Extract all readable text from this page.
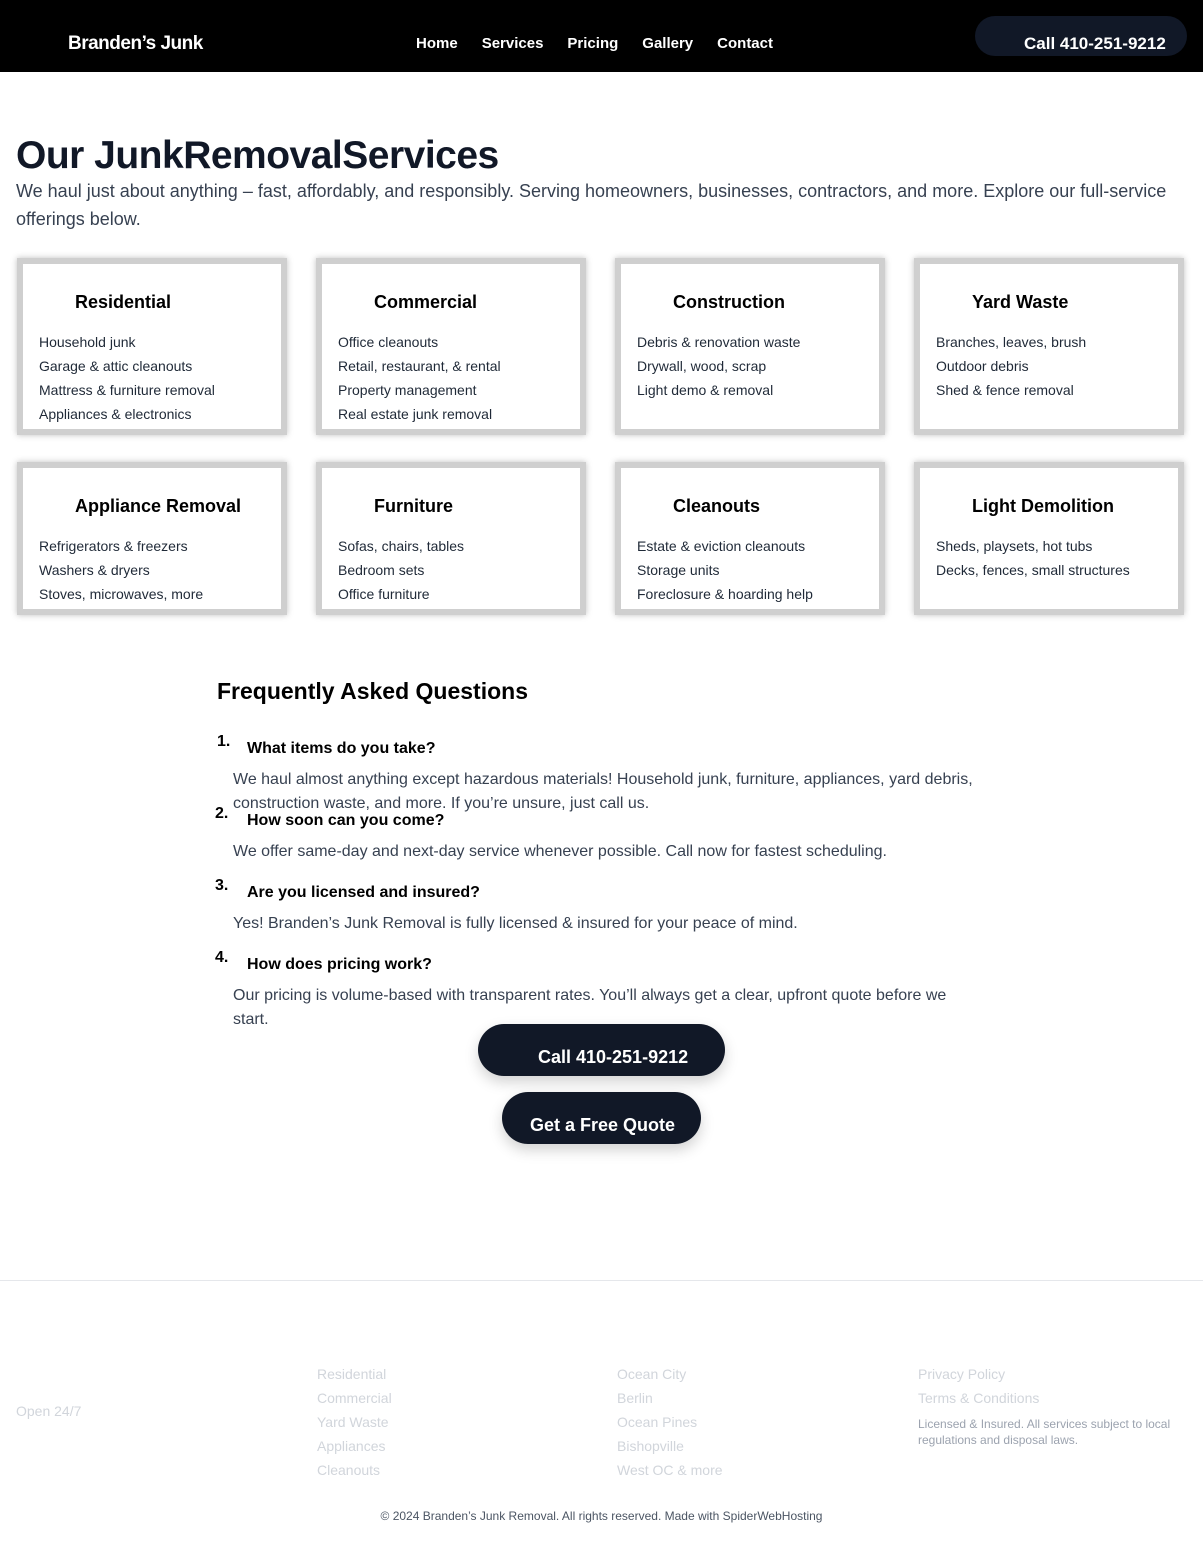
Branden’s Junk	Home Services Pricing Gallery Contact	Call 410-251-9212
Our JunkRemovalServices

We haul just about anything – fast, affordably, and responsibly. Serving homeowners, businesses, contractors, and more. Explore our full-service offerings below.

Residential
Household junk
Garage & attic cleanouts
Mattress & furniture removal
Appliances & electronics
Commercial
Office cleanouts
Retail, restaurant, & rental
Property management
Real estate junk removal
Construction
Debris & renovation waste
Drywall, wood, scrap
Light demo & removal
Yard Waste
Branches, leaves, brush
Outdoor debris
Shed & fence removal
Appliance Removal
Refrigerators & freezers
Washers & dryers
Stoves, microwaves, more
Furniture
Sofas, chairs, tables
Bedroom sets
Office furniture
Cleanouts
Estate & eviction cleanouts
Storage units
Foreclosure & hoarding help
Light Demolition
Sheds, playsets, hot tubs
Decks, fences, small structures
Frequently Asked Questions
1. What items do you take?

We haul almost anything except hazardous materials! Household junk, furniture, appliances, yard debris, construction waste, and more. If you’re unsure, just call us.

2. How soon can you come?

We offer same-day and next-day service whenever possible. Call now for fastest scheduling.

3. Are you licensed and insured?

Yes! Branden’s Junk Removal is fully licensed & insured for your peace of mind.

4. How does pricing work?

Our pricing is volume-based with transparent rates. You’ll always get a clear, upfront quote before we start.

Call 410-251-9212
Get a Free Quote
Open 24/7
Residential
Commercial
Yard Waste
Appliances
Cleanouts
Ocean City
Berlin
Ocean Pines
Bishopville
West OC & more
Privacy Policy
Terms & Conditions

Licensed & Insured. All services subject to local regulations and disposal laws.

© 2024 Branden’s Junk Removal. All rights reserved. Made with SpiderWebHosting
